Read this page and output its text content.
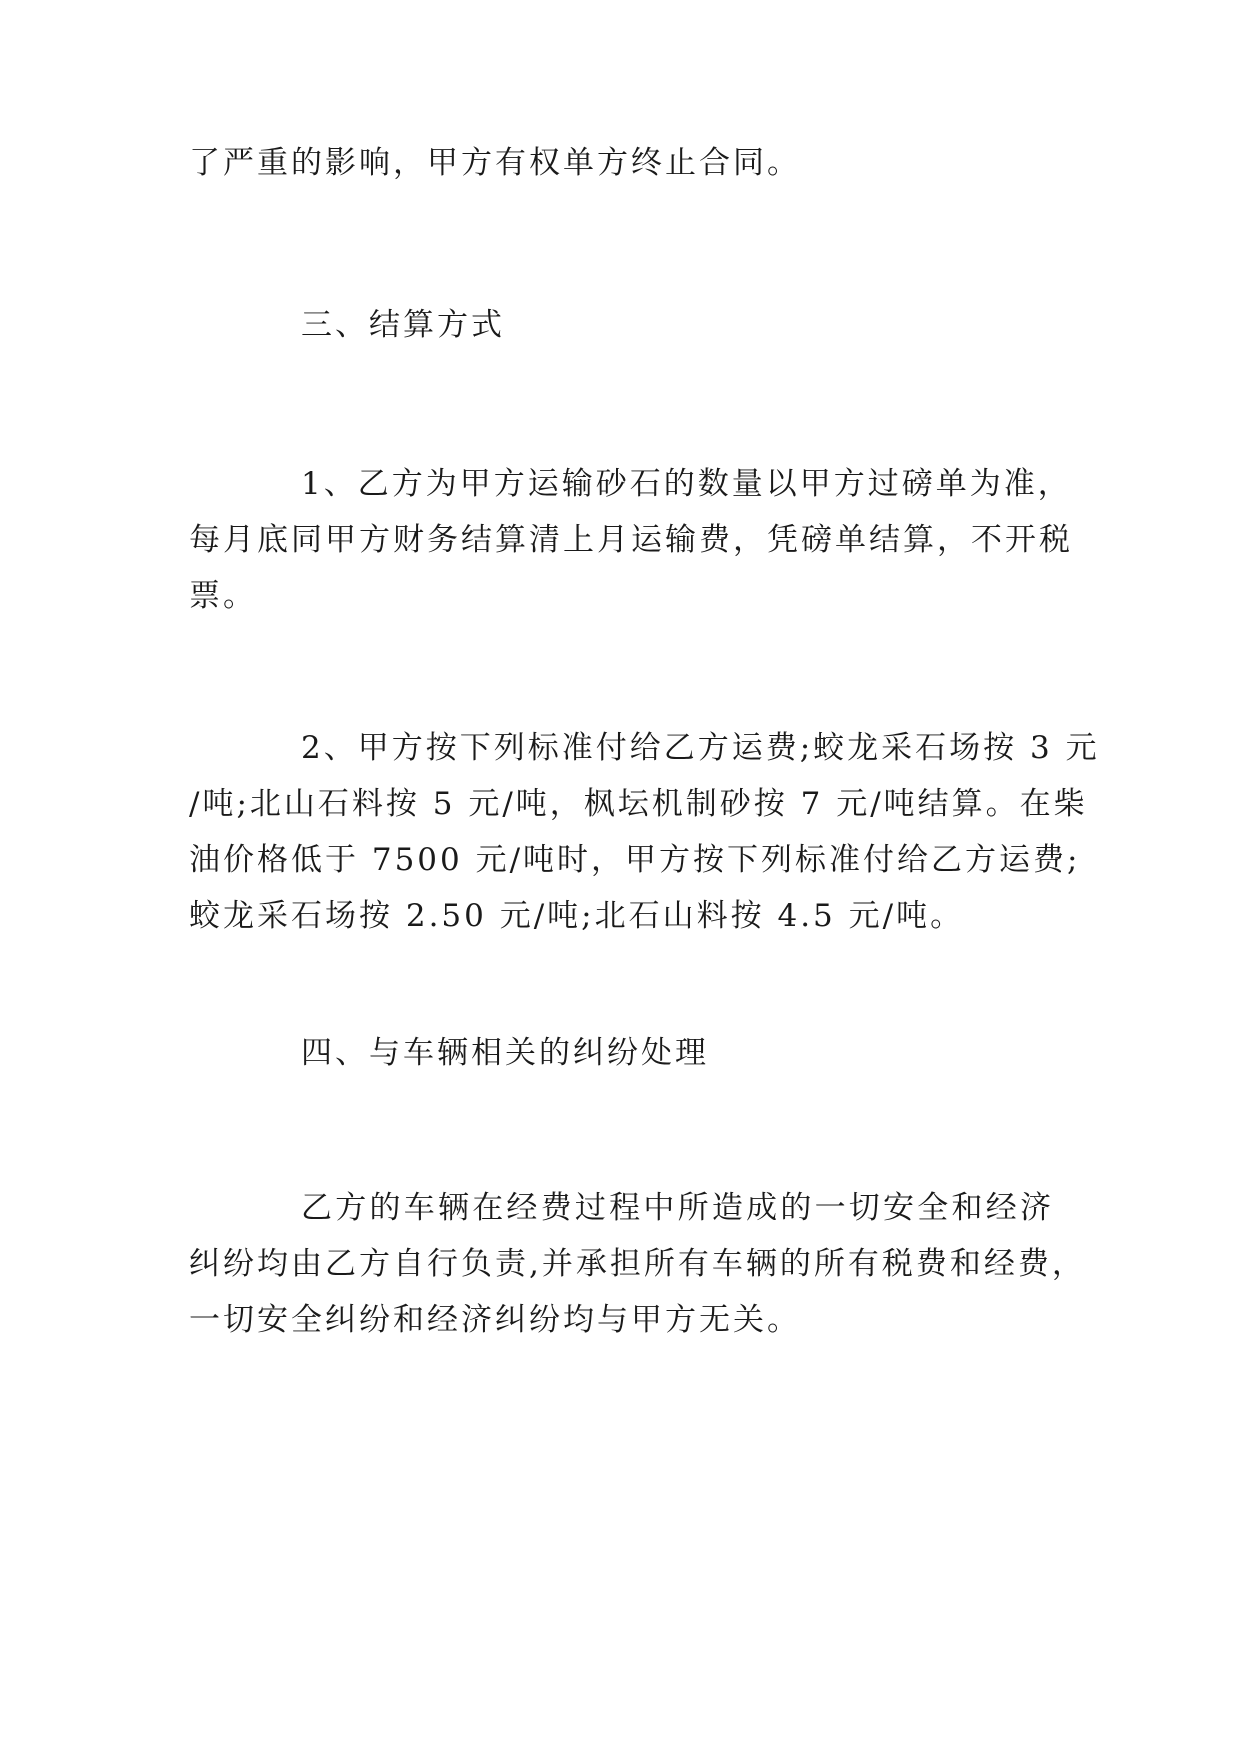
了严重的影响，甲方有权单方终止合同。
三、结算方式
1、乙方为甲方运输砂石的数量以甲方过磅单为准，
每月底同甲方财务结算清上月运输费，凭磅单结算，不开税
票。
2、甲方按下列标准付给乙方运费;蛟龙采石场按 3 元
/吨;北山石料按 5 元/吨，枫坛机制砂按 7 元/吨结算。在柴
油价格低于 7500 元/吨时，甲方按下列标准付给乙方运费;
蛟龙采石场按 2.50 元/吨;北石山料按 4.5 元/吨。
四、与车辆相关的纠纷处理
乙方的车辆在经费过程中所造成的一切安全和经济
纠纷均由乙方自行负责,并承担所有车辆的所有税费和经费，
一切安全纠纷和经济纠纷均与甲方无关。
